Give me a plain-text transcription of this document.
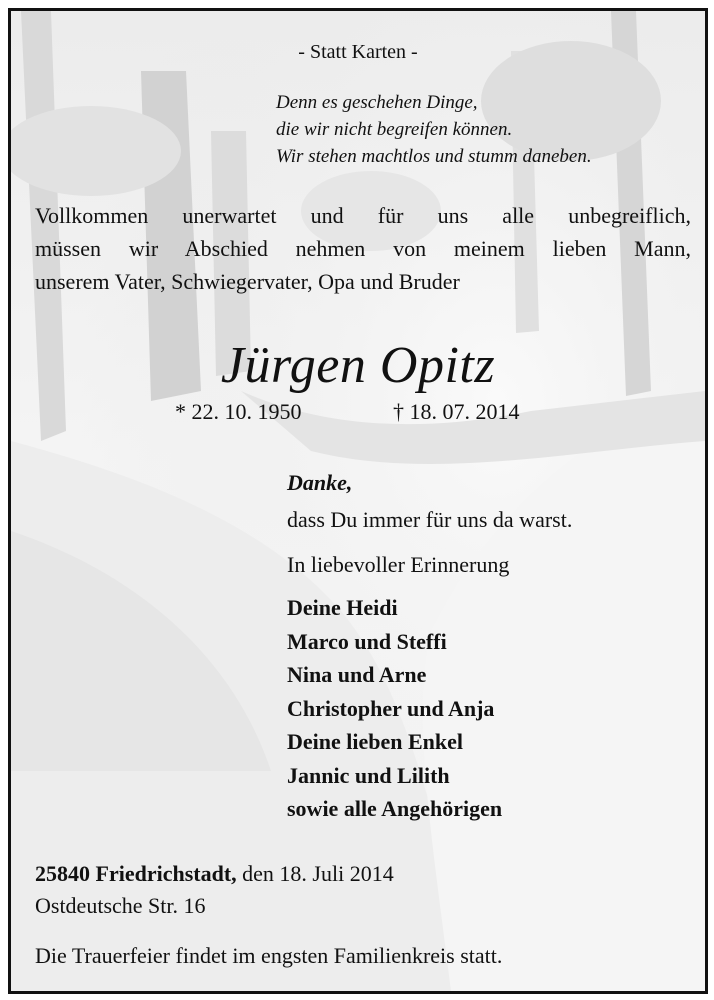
- Statt Karten -
Denn es geschehen Dinge,
die wir nicht begreifen können.
Wir stehen machtlos und stumm daneben.
Vollkommen unerwartet und für uns alle unbegreiflich,
müssen wir Abschied nehmen von meinem lieben Mann,
unserem Vater, Schwiegervater, Opa und Bruder
Jürgen Opitz
* 22. 10. 1950	† 18. 07. 2014
Danke,
dass Du immer für uns da warst.
In liebevoller Erinnerung
Deine Heidi
Marco und Steffi
Nina und Arne
Christopher und Anja
Deine lieben Enkel
Jannic und Lilith
sowie alle Angehörigen
25840 Friedrichstadt, den 18. Juli 2014
Ostdeutsche Str. 16
Die Trauerfeier findet im engsten Familienkreis statt.
